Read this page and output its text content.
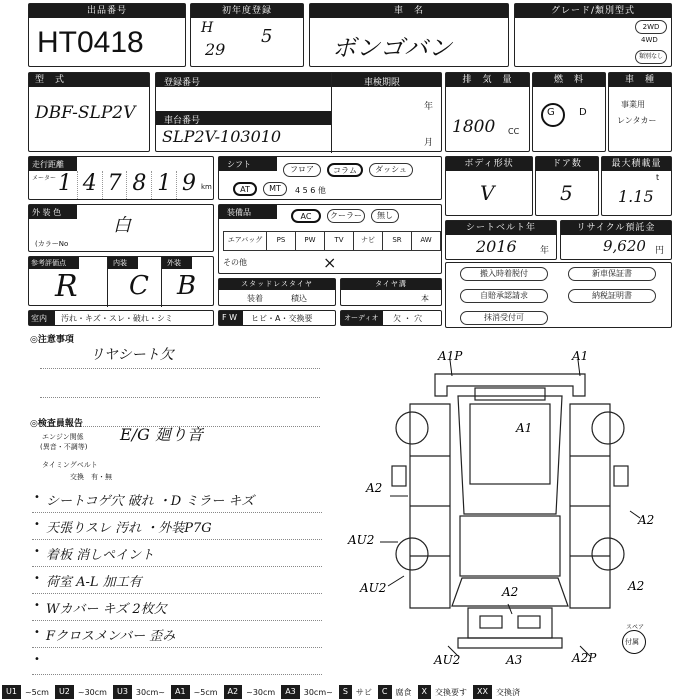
出品番号
HT0418
初年度登録
H
29
5
車　名
ボンゴバン
グレード/類別型式
2WD
4WD
類別なし
型　式
DBF-SLP2V
登録番号	車検期限
年
月
車台番号
SLP2V-103010
排　気　量
1800 CC
燃　料
G D
車　種
事業用
レンタカー
走行距離
メーター 1 4 7 8 1 9 km
シフト
フロア	コラム	ダッシュ
AT	MT	4 5 6 他
ボディ形状
V
ドア数
5
最大積載量
t
1.15
外 装 色
白
(カラーNo
装備品	AC	クーラー	無し
エアバッグ	PS	PW	TV	ナビ	SR	AW
その他	×
シートベルト年
2016	年
リサイクル預託金
9,620 円
参考評価点
R
内装
C
外装
B	スタッドレスタイヤ
装着	積込
タイヤ溝
本
室内 汚れ・キズ・スレ・破れ・シミ	F W ヒビ・A・交換要	オーディオ 欠 ・ 穴
搬入時着脱付
自賠承認請求
抹消受付可
新車保証書
納税証明書
◎注意事項
リヤシート欠
◎検査員報告
エンジン関係
(異音・不調等)
E/G 廻り音
タイミングベルト
交換　有・無
• シートコゲ穴 破れ ・D ミラー キズ
• 天張りスレ 汚れ ・外装P7G
• 着板 消しペイント
• 荷室 A-L 加工有
• Wカバー キズ 2枚欠
• Fクロスメンバー 歪み
•
A1P	A1
A1
A2
A2
AU2
AU2	A2
A3
AU2
A2
A2P
スペア
付属
U1	~5cm	U2	~30cm	U3	30cm~	A1	~5cm	A2	~30cm	A3	30cm~	S	サビ	C	腐食	X	交換要す	XX	交換済
